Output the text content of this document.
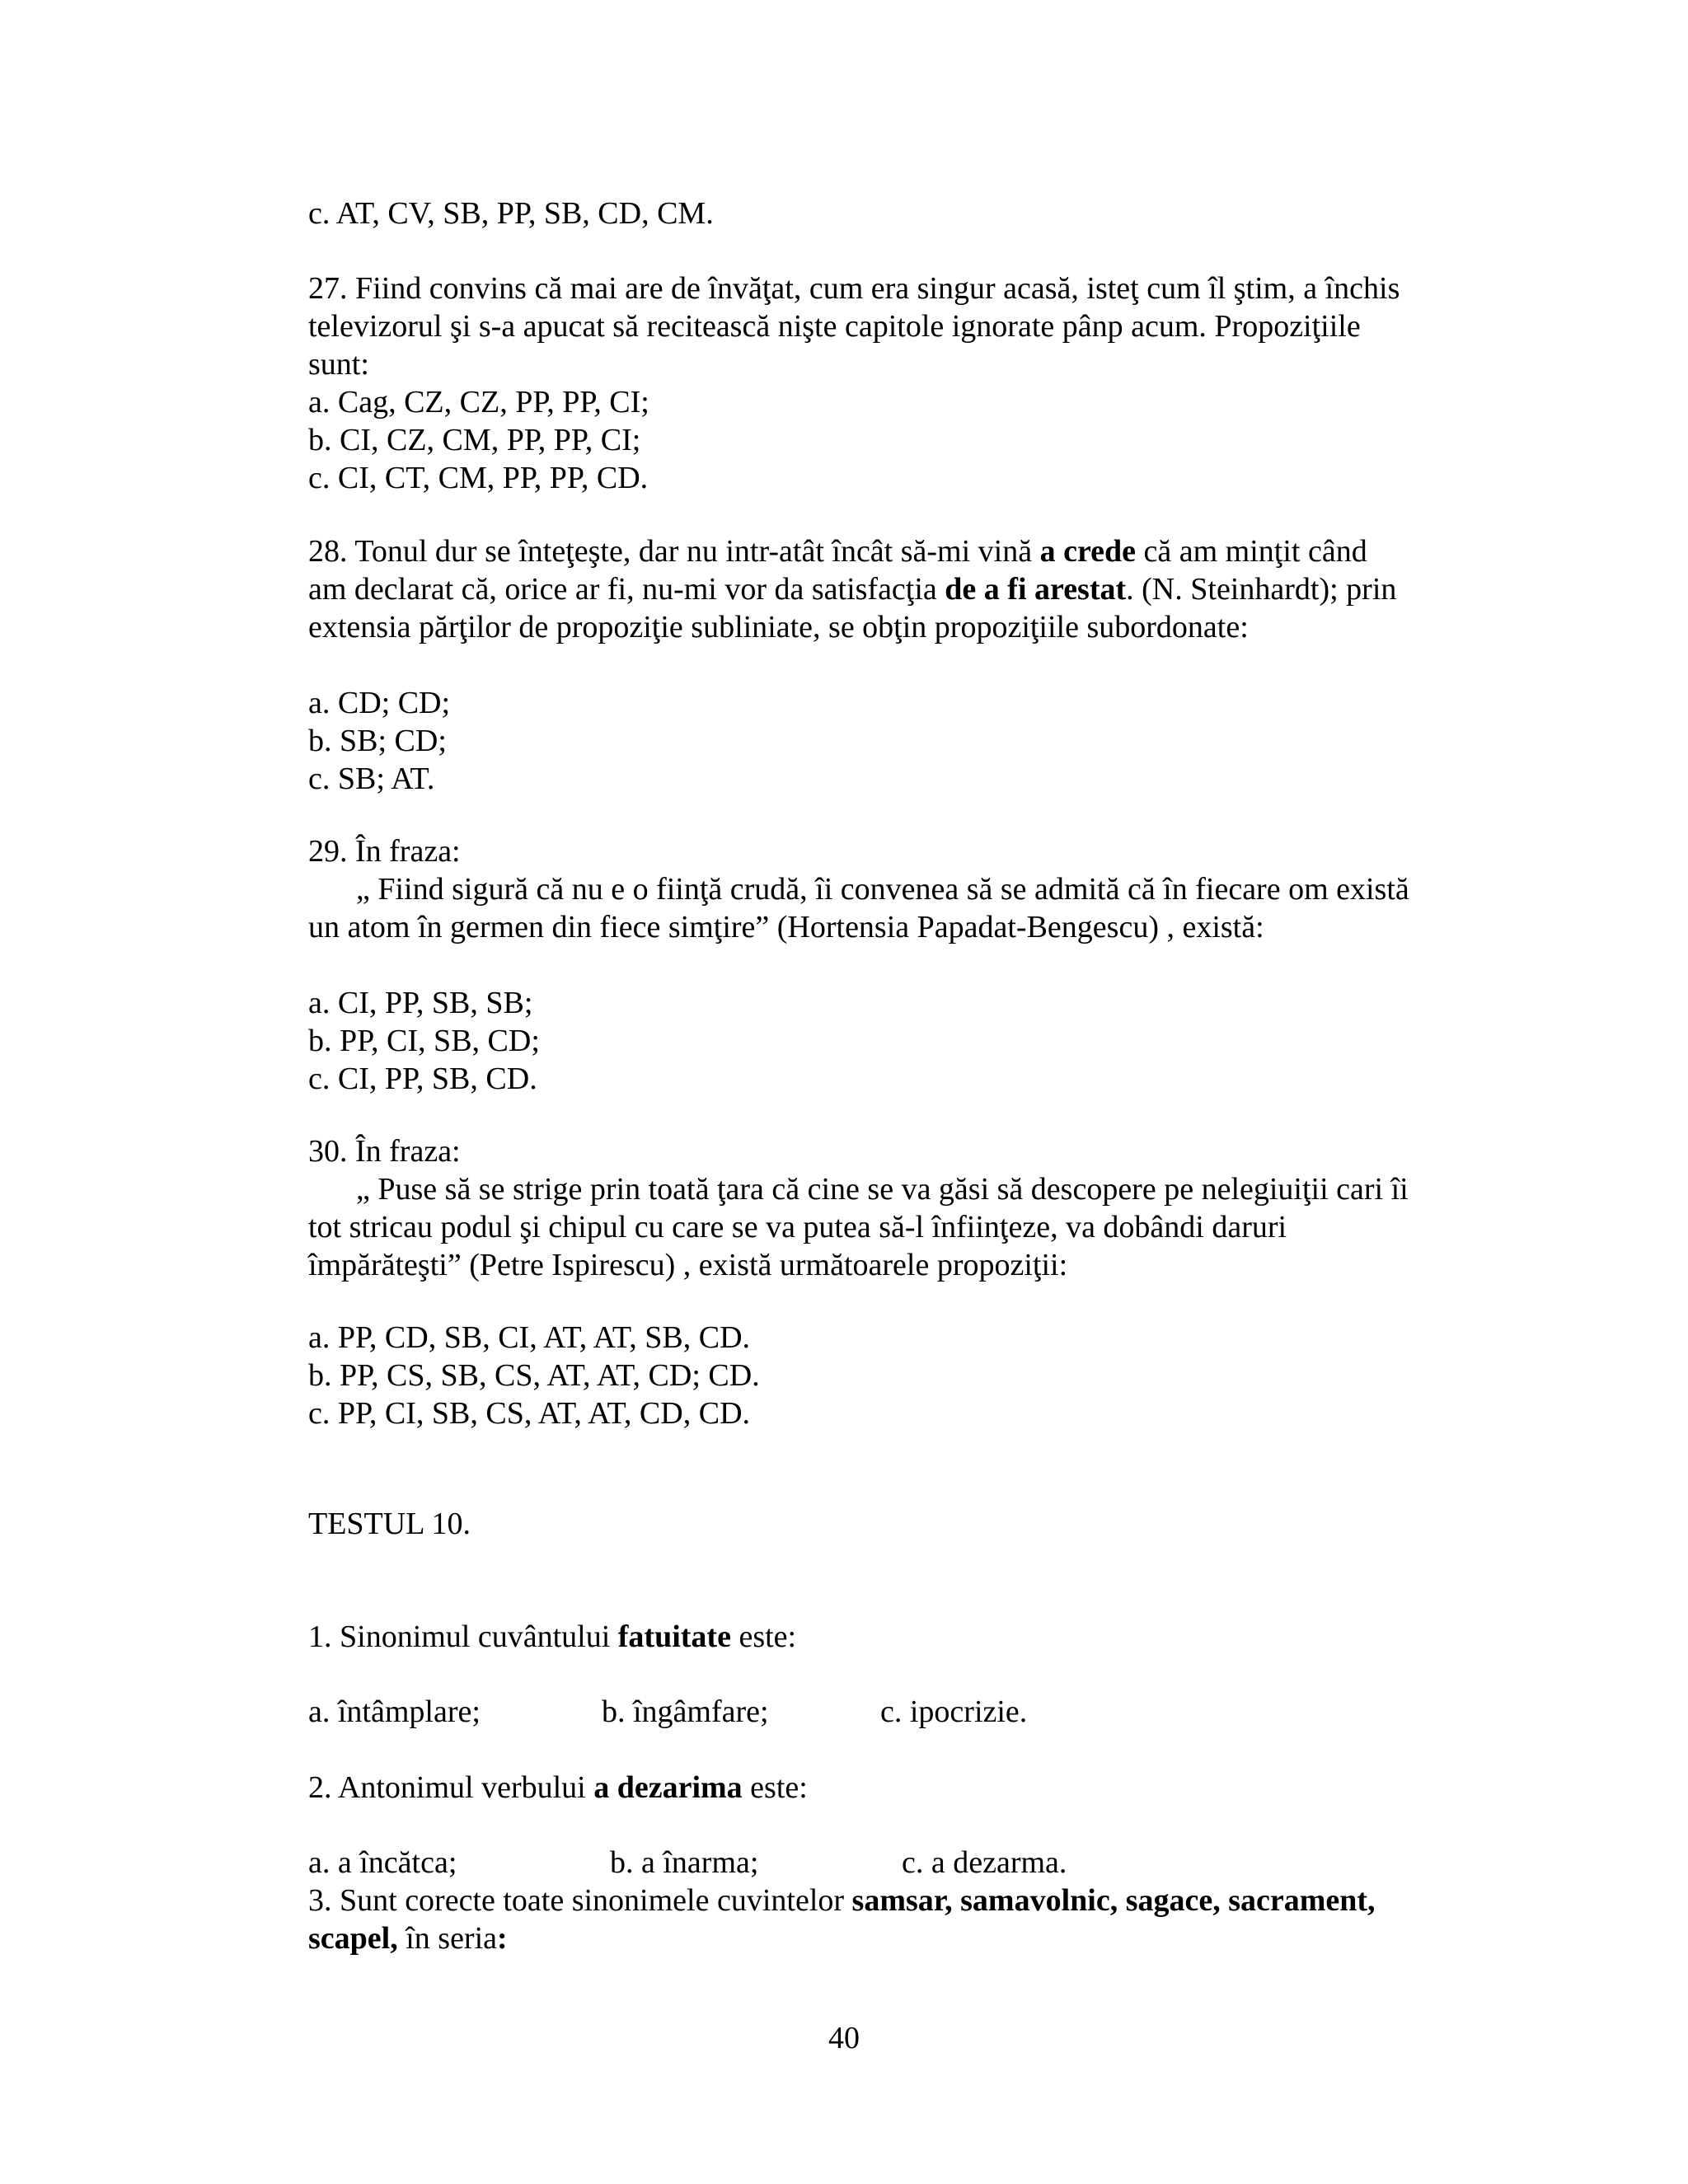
c. AT, CV, SB, PP, SB, CD, CM.
27. Fiind convins că mai are de învăţat, cum era singur acasă, isteţ cum îl ştim, a închis
televizorul şi s-a apucat să recitească nişte capitole ignorate pânp acum. Propoziţiile
sunt:
a. Cag, CZ, CZ, PP, PP, CI;
b. CI, CZ, CM, PP, PP, CI;
c. CI, CT, CM, PP, PP, CD.
28. Tonul dur se înteţeşte, dar nu intr-atât încât să-mi vină a crede că am minţit când
am declarat că, orice ar fi, nu-mi vor da satisfacţia de a fi arestat. (N. Steinhardt); prin
extensia părţilor de propoziţie subliniate, se obţin propoziţiile subordonate:
a. CD; CD;
b. SB; CD;
c. SB; AT.
29. În fraza:
„ Fiind sigură că nu e o fiinţă crudă, îi convenea să se admită că în fiecare om există
un atom în germen din fiece simţire” (Hortensia Papadat-Bengescu) , există:
a. CI, PP, SB, SB;
b. PP, CI, SB, CD;
c. CI, PP, SB, CD.
30. În fraza:
„ Puse să se strige prin toată ţara că cine se va găsi să descopere pe nelegiuiţii cari îi
tot stricau podul şi chipul cu care se va putea să-l înfiinţeze, va dobândi daruri
împărăteşti” (Petre Ispirescu) , există următoarele propoziţii:
a. PP, CD, SB, CI, AT, AT, SB, CD.
b. PP, CS, SB, CS, AT, AT, CD; CD.
c. PP, CI, SB, CS, AT, AT, CD, CD.
TESTUL 10.
1. Sinonimul cuvântului fatuitate este:
a. întâmplare;	b. îngâmfare;	c. ipocrizie.
2. Antonimul verbului a dezarima este:
a. a încătca;	b. a înarma;	c. a dezarma.
3. Sunt corecte toate sinonimele cuvintelor samsar, samavolnic, sagace, sacrament,
scapel, în seria:
40
